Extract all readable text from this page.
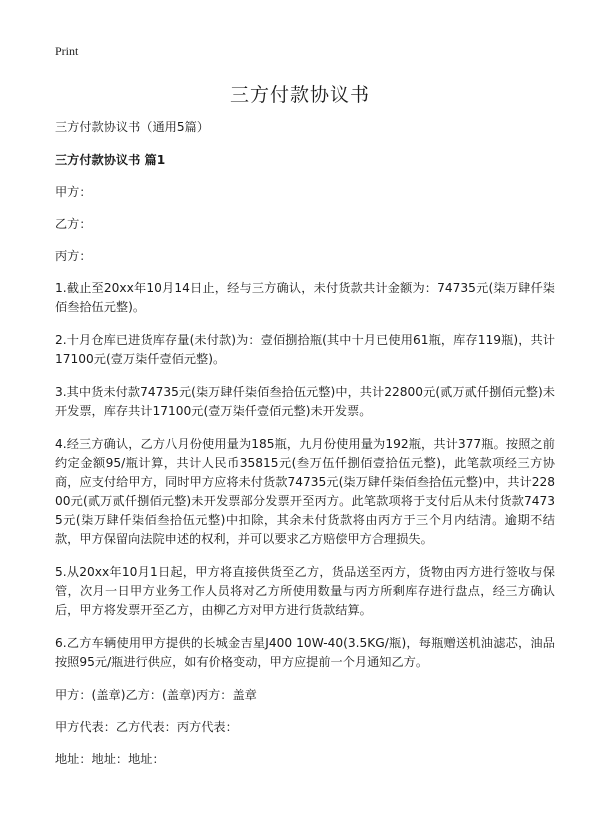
Print
三方付款协议书

三方付款协议书（通用5篇）

三方付款协议书 篇1

甲方：

乙方：

丙方：

1.截止至20xx年10月14日止，经与三方确认，未付货款共计金额为：74735元(柒万肆仟柒佰叁拾伍元整)。

2.十月仓库已进货库存量(未付款)为：壹佰捌拾瓶(其中十月已使用61瓶，库存119瓶)，共计17100元(壹万柒仟壹佰元整)。

3.其中货未付款74735元(柒万肆仟柒佰叁拾伍元整)中，共计22800元(贰万贰仟捌佰元整)未开发票，库存共计17100元(壹万柒仟壹佰元整)未开发票。

4.经三方确认，乙方八月份使用量为185瓶，九月份使用量为192瓶，共计377瓶。按照之前约定金额95/瓶计算，共计人民币35815元(叁万伍仟捌佰壹拾伍元整)，此笔款项经三方协商，应支付给甲方，同时甲方应将未付货款74735元(柒万肆仟柒佰叁拾伍元整)中，共计22800元(贰万贰仟捌佰元整)未开发票部分发票开至丙方。此笔款项将于支付后从未付货款74735元(柒万肆仟柒佰叁拾伍元整)中扣除，其余未付货款将由丙方于三个月内结清。逾期不结款，甲方保留向法院申述的权利，并可以要求乙方赔偿甲方合理损失。

5.从20xx年10月1日起，甲方将直接供货至乙方，货品送至丙方，货物由丙方进行签收与保管，次月一日甲方业务工作人员将对乙方所使用数量与丙方所剩库存进行盘点，经三方确认后，甲方将发票开至乙方，由柳乙方对甲方进行货款结算。

6.乙方车辆使用甲方提供的长城金吉星J400 10W-40(3.5KG/瓶)，每瓶赠送机油滤芯，油品按照95元/瓶进行供应，如有价格变动，甲方应提前一个月通知乙方。

甲方：(盖章)乙方：(盖章)丙方：盖章

甲方代表：乙方代表：丙方代表：

地址：地址：地址：
